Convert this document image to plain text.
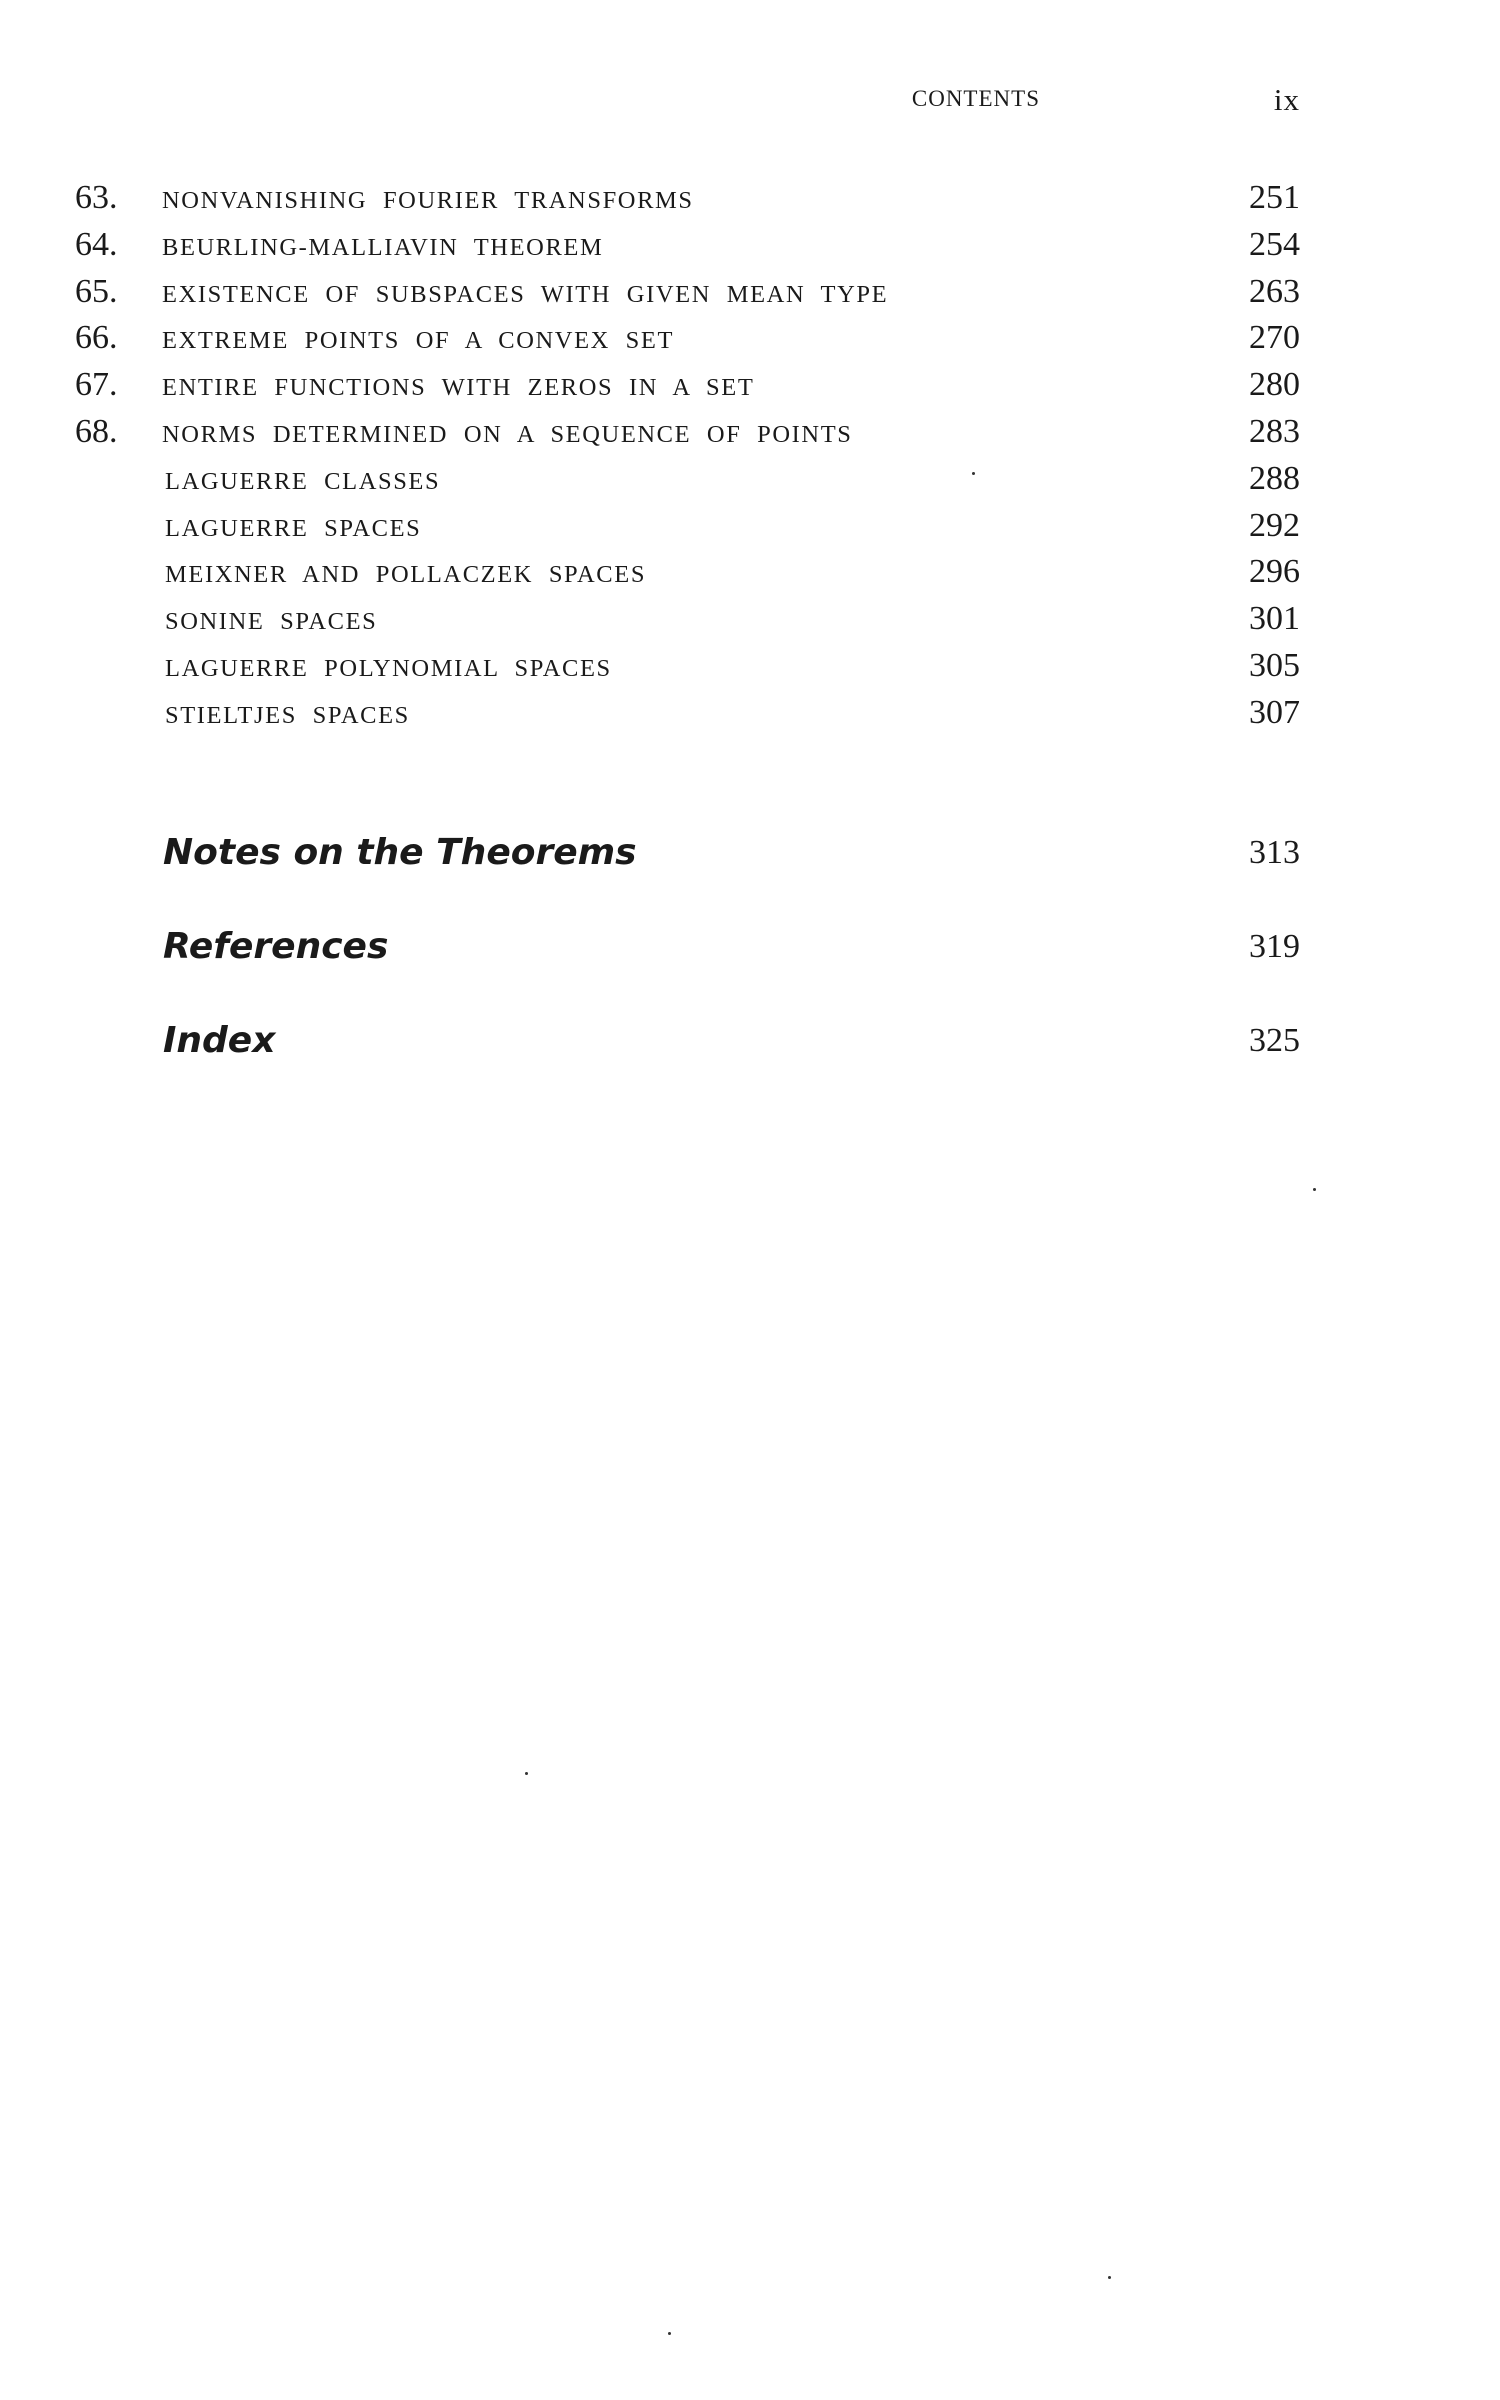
CONTENTS	ix
63. NONVANISHING FOURIER TRANSFORMS	251
64. BEURLING-MALLIAVIN THEOREM	254
65. EXISTENCE OF SUBSPACES WITH GIVEN MEAN TYPE	263
66. EXTREME POINTS OF A CONVEX SET	270
67. ENTIRE FUNCTIONS WITH ZEROS IN A SET	280
68. NORMS DETERMINED ON A SEQUENCE OF POINTS	283
LAGUERRE CLASSES	288
LAGUERRE SPACES	292
MEIXNER AND POLLACZEK SPACES	296
SONINE SPACES	301
LAGUERRE POLYNOMIAL SPACES	305
STIELTJES SPACES	307
Notes on the Theorems	313
References	319
Index	325
